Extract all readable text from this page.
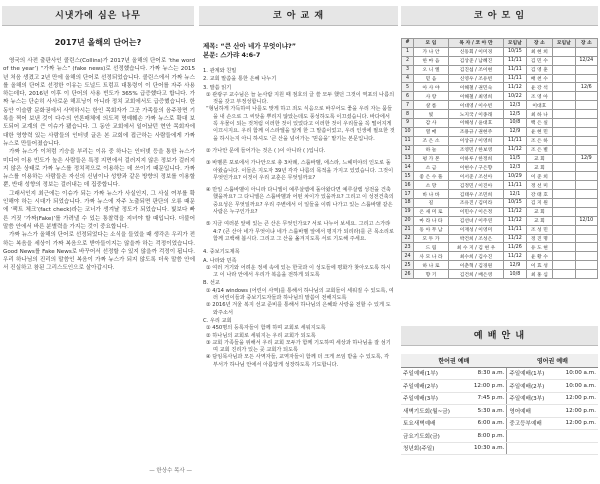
시냇가에 심은 나무
2017년 올해의 단어는?

영국의 사전 출판사인 콜린스(Collins)가 2017년 올해의 단어로 ‘the word of the year’) “가짜 뉴스” (fake news)로 선정했습니다. 가짜 뉴스는 2015년 처음 생겼고 2년 만에 올해의 단어로 선정되었습니다. 콜린스에서 가짜 뉴스를 올해의 단어로 선정한 이유는 도널드 트럼프 대통령이 이 단어를 자주 사용하는데다, 2016년 이후 이 단어의 사용 빈도가 365% 급증했다고 합니다. 가짜 뉴스는 단순히 사사로운 해프닝이 아니라 정치 교회에서도 급증했습니다. 한 동안 이슬람 문화권에서 사역하시는 한인 목회자가 그곳 가족들의 음주장면 기록을 찍어 보낸 것이 다수의 언론매체에 의도적 명예훼손 가짜 뉴스로 확대 보도되어 교계의 큰 이슈가 됐습니다. 그 동안 교회에서 일어났던 현안 목회자에 대한 영향력 있는 사람들의 인터넷 글은 본 교회에 접근하는 사람들에게 가짜 뉴스로 만들어졌습니다.

가짜 뉴스가 이처럼 기승을 부리는 이유 중 하나는 인터넷 등을 통한 뉴스가 미디어 이용 빈도가 높은 사람들은 특정 지면에서 걸러지지 않은 정보가 걸러지지 않은 상태로 가짜 뉴스를 정치적으로 이용하는 데 쓰이기 때문입니다. 가짜 뉴스를 이용하는 사람들은 자신의 신념이나 성향과 같은 방향의 정보를 이용할 뿐, 반대 성향의 정보는 걸러내는 데 집중합니다.

그래서인지 최근에는 이슈가 되는 가짜 뉴스가 사실인지, 그 사실 여부를 확인해야 하는 시대가 되었습니다. 가짜 뉴스에 자주 노출되면 판단의 오류 때문에 ‘팩트 체크’(fact check)라는 코너가 생겨날 정도가 되었습니다. 빛보다 빠른 거짓 ‘가짜(Fake)’를 가려낼 수 있는 통찰력을 지녀야 할 때입니다. 더불어 말씀 안에서 바른 분별력을 가지는 것이 중요합니다.

가짜 뉴스가 올해의 단어로 선정되었다는 소식을 들었을 때 생각은 우리가 전하는 복음을 세상이 가짜 복음으로 받아들이지는 않을까 하는 걱정이었습니다. Good News를 Fake News로 바꾸어서 선정할 수 있지 않을까 걱정이 됩니다. 우리 하나님의 진리의 말씀인 복음이 가짜 뉴스가 되지 않도록 더욱 말씀 안에서 진실하고 참된 그리스도인으로 살아갑시다.

— 한상수 목사 —
코 아 교 재
제목: “큰 산아 네가 무엇이냐?”
본문: 스가랴 4:6-7
1. 관계와 친밀
2. 교회 말씀을 통한 은혜 나누기
3. 말씀 읽기
① 관광구 교수님은 늘 눈사람 지원 때 점호의 글 쓸 모두 했던 그것이 역포의 나름의 것을 갖고 부정성합니다.
“형님하게 가득하여 나를도 맞게 하고 죄도 식음으로 바꾸어도 좋을 우리 자는 뭄들을 내 손으로 그 씨앗을 뿌리지 않았는데도 풍성하도록 이끄셨습니다. 바다에서 꼭 우물이 되는 것처럼 이러한 것이 있었다고 이러한 것이 우리들을 꼭 떨어지게 이끄시지요. 우리 함께 이스라엘을 알게 한 그 말씀이었고, 우리 인생에 필요한 것을 하시는지 아니 하셔도 ‘큰 산을 넘어가는 ‘믿음을’ 맡기는 본문입니다.
② 가나안 문에 들어가는 것은 ( )이 아니라 ( )입니다.
③ 바벨론 포로에서 가나안으로 총 3차례, 스룹바벨, 에스라, 느헤미야의 인도로 돌아왔습니다. 이들은 지도자 39년 각각 나름의 목적을 가지고 있었습니다. 그것이 무엇인가요? 이것이 우리 교훈은 무엇일까요?
④ 만일 스룹바벨이 아니라 다니엘이 예루살렘에 돌아왔다면 예루살렘 성전을 건축했을까요? 그 다니엘은 스룹바벨과 어떤 차이가 있을까요? 그리고 이 성전건축의 중요성은 무엇일까요? 우리 주변에서 이 일들을 이뤄 나가고 있는 스룹바벨 같은 사람은 누구인가요?
⑤ 지금 여러분 앞에 있는 큰 산은 무엇인가요? 서로 나누어 보세요. 그리고 스가랴 4:7 (큰 산아 네가 무엇이냐 네가 스룹바벨 앞에서 평지가 되리라)를 큰 목소리로 함께 고백해 봅시다. 그리고 그 산을 옮겨지도록 서로 기도해 주세요.
4. 중보기도제목
A. 나라와 민족
① 여러 거기와 어려운 정세 속에 있는 한국과 이 성도들에 평화가 찾아오도록 하시고 이 나라 안에서 우리가 복음을 전하게 되도록
B. 선교
① 4/14 windows (어린이 사역)를 통해서 하나님의 교회들이 세워질 수 있도록, 여러 어린이들과 중보기도자들과 하나님의 말씀이 전해지도록
② 2016년 겨울 복지 선교 준비를 통해서 하나님의 은혜와 사랑을 전할 수 있게 도와주소서
C. 우리 교회
① 450명의 등록자들이 함께 하며 교회로 세워지도록
② 하나님의 교회로 세워지는 우리 교회가 되도록
③ 교회 가족들을 위해서 우리 교회 모두가 함께 기도하며 세상과 하나님을 잘 섬기며 교회 진리가 있는 곳 교회가 되도록
④ 담임목사님과 모든 사역자들, 교역자들이 함께 더 크게 쓰임 받을 수 있도록, 각 부서가 하나님 안에서 아름답게 성장하도록 기도합니다.
코 아 모 임
#	모 임	목 자 / 코 아 만	모임날	장 소	모임날	장 소
1	가 나 안	신동회 / 이미경	10/15	최 현 희		
2	한 마 음	김상준 / 남혜진	11/11	김 민 수		12/24
3	오 니 엘	김진섭 / 조이현	11/11	김 영 훈		
4	믿 음	신영우 / 조유빈	11/11	배 천 수		
5	아 사 야	이해철 / 권민숙	11/12	윤 강 석		12/6
6	사 랑	이해철 / 최영희	10/22	조 영 아		
7	샬 롬	이대영 / 이수빈	12/3	이대호		
8	빛	노지국 / 이종래	12/5	최 하 나		
9	감 사	이해성 / 윤대호	10/8	백 은 실		
10	열 매	조용규 / 권현주	12/9	윤 현 민		
11	조 은 소	이상규 / 이영희	11/11	조 은 하		
12	하 늘	조영민 / 한보영	11/12	조 은 별		
13	평 가 본	이하루 / 한정희	11/5	교 회		12/9
14	소 금	이현수 / 구은향	12/3	교 회		
15	좋 은 수 풀	이서준 / 조선아	10/29	이 준 희		
16	소 망	김정민 / 이진아	11/11	정 선 미		
17	바 나 바	김태우 / 조민희	12/1	강 태 호		
18	길	조유진 / 김미라	10/15	김 지 원		
19	온 새 미 로	이민수 / 이은정	11/12	교 회		
20	마 라 나 타	김선녀 / 이주연	11/12	교 회		12/10
21	동 아 무 남	이재성 / 이영미	11/11	조 성 민		
22	모 두 가	박건희 / 조성은	11/12	정 진 명		
23	드 림	최 수 지 / 김 현 우	11/26	유 도 현		
24	사 모 나 라	최수희 / 김수진	11/12	윤 황 수		
25	하 나 로	이춘혁 / 김경원	12/9	이 효 성		
26	향 기	김건희 / 배은영	10/8	최 홍 심		
예 배 안 내
한어권 예배		영어권 예배	
주일예배(1부)	8:30 a.m.	주일예배(1부)	10:00 a.m.
주일예배(2부)	12:00 p.m.	주일예배(2부)	10:00 a.m.
주일예배(3부)	7:45 p.m.	주일예배(3부)	12:00 p.m.
새벽기도회(월~금)	5:30 a.m.	영어예배	12:00 p.m.
토요새벽예배	6:00 a.m.	중고등부예배	12:00 p.m.
금요기도회(금)	8:00 p.m.		
청년회(주일)	10:30 a.m.		
